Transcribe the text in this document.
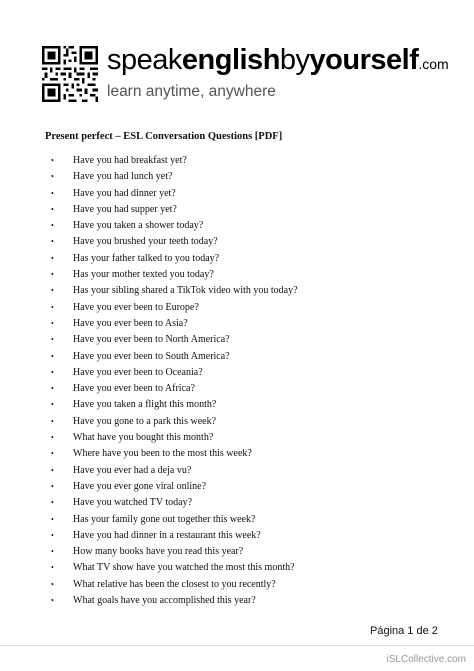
speakenglishbyyourself.com
learn anytime, anywhere
Present perfect – ESL Conversation Questions [PDF]
• Have you had breakfast yet?
• Have you had lunch yet?
• Have you had dinner yet?
• Have you had supper yet?
• Have you taken a shower today?
• Have you brushed your teeth today?
• Has your father talked to you today?
• Has your mother texted you today?
• Has your sibling shared a TikTok video with you today?
• Have you ever been to Europe?
• Have you ever been to Asia?
• Have you ever been to North America?
• Have you ever been to South America?
• Have you ever been to Oceania?
• Have you ever been to Africa?
• Have you taken a flight this month?
• Have you gone to a park this week?
• What have you bought this month?
• Where have you been to the most this week?
• Have you ever had a deja vu?
• Have you ever gone viral online?
• Have you watched TV today?
• Has your family gone out together this week?
• Have you had dinner in a restaurant this week?
• How many books have you read this year?
• What TV show have you watched the most this month?
• What relative has been the closest to you recently?
• What goals have you accomplished this year?
Página 1 de 2
iSLCollective.com
